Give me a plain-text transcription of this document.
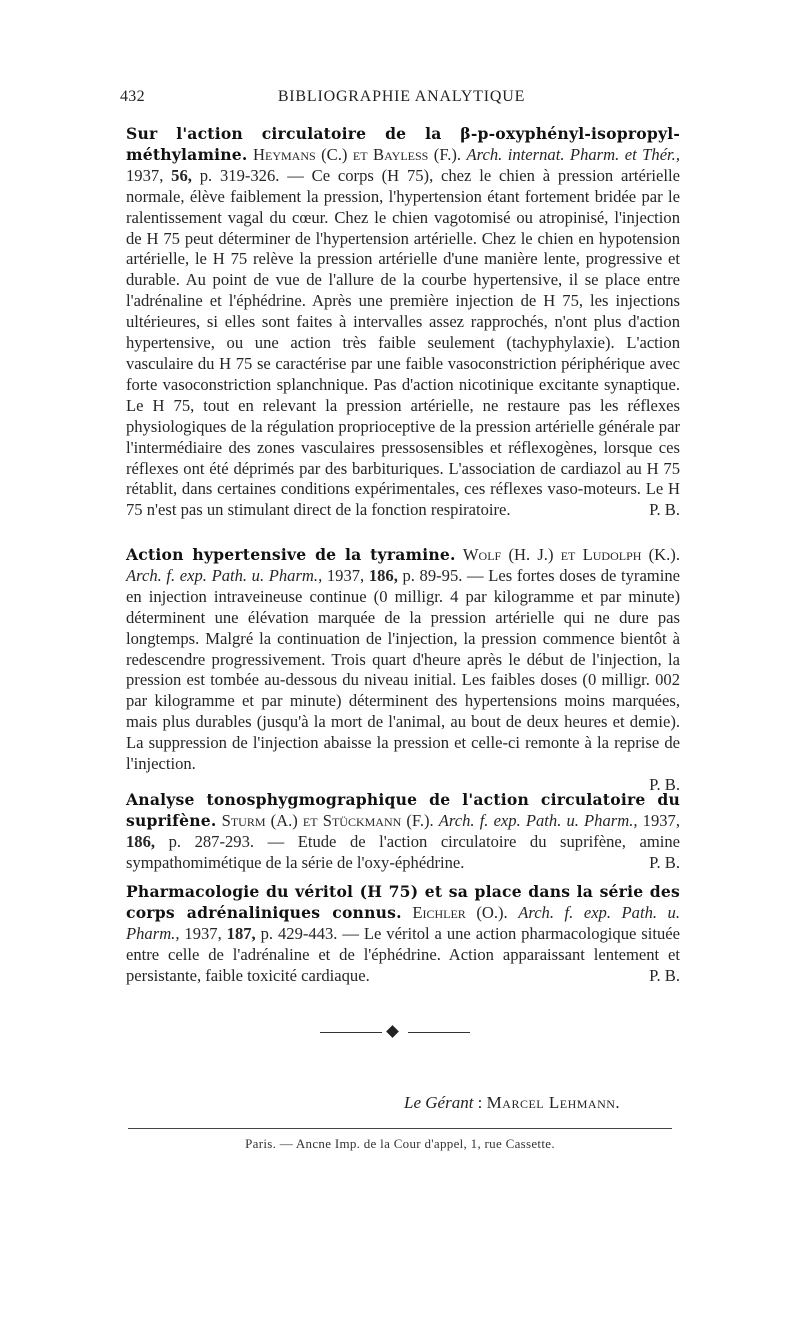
432	BIBLIOGRAPHIE ANALYTIQUE

Sur l'action circulatoire de la β-p-oxyphényl-isopropyl-méthylamine. Heymans (C.) et Bayless (F.). Arch. internat. Pharm. et Thér., 1937, 56, p. 319-326. — Ce corps (H 75), chez le chien à pression artérielle normale, élève faiblement la pression, l'hypertension étant fortement bridée par le ralentissement vagal du cœur. Chez le chien vagotomisé ou atropinisé, l'injection de H 75 peut déterminer de l'hypertension artérielle. Chez le chien en hypotension artérielle, le H 75 relève la pression artérielle d'une manière lente, progressive et durable. Au point de vue de l'allure de la courbe hypertensive, il se place entre l'adrénaline et l'éphédrine. Après une première injection de H 75, les injections ultérieures, si elles sont faites à intervalles assez rapprochés, n'ont plus d'action hypertensive, ou une action très faible seulement (tachyphylaxie). L'action vasculaire du H 75 se caractérise par une faible vasoconstriction périphérique avec forte vasoconstriction splanchnique. Pas d'action nicotinique excitante synaptique. Le H 75, tout en relevant la pression artérielle, ne restaure pas les réflexes physiologiques de la régulation proprioceptive de la pression artérielle générale par l'intermédiaire des zones vasculaires pressosensibles et réflexogènes, lorsque ces réflexes ont été déprimés par des barbituriques. L'association de cardiazol au H 75 rétablit, dans certaines conditions expérimentales, ces réflexes vaso-moteurs. Le H 75 n'est pas un stimulant direct de la fonction respiratoire.	P. B.

Action hypertensive de la tyramine. Wolf (H. J.) et Ludolph (K.). Arch. f. exp. Path. u. Pharm., 1937, 186, p. 89-95. — Les fortes doses de tyramine en injection intraveineuse continue (0 milligr. 4 par kilogramme et par minute) déterminent une élévation marquée de la pression artérielle qui ne dure pas longtemps. Malgré la continuation de l'injection, la pression commence bientôt à redescendre progressivement. Trois quart d'heure après le début de l'injection, la pression est tombée au-dessous du niveau initial. Les faibles doses (0 milligr. 002 par kilogramme et par minute) déterminent des hypertensions moins marquées, mais plus durables (jusqu'à la mort de l'animal, au bout de deux heures et demie). La suppression de l'injection abaisse la pression et celle-ci remonte à la reprise de l'injection.

P. B.

Analyse tonosphygmographique de l'action circulatoire du suprifène. Sturm (A.) et Stückmann (F.). Arch. f. exp. Path. u. Pharm., 1937, 186, p. 287-293. — Etude de l'action circulatoire du suprifène, amine sympathomimétique de la série de l'oxy-éphédrine.	P. B.

Pharmacologie du véritol (H 75) et sa place dans la série des corps adrénaliniques connus. Eichler (O.). Arch. f. exp. Path. u. Pharm., 1937, 187, p. 429-443. — Le véritol a une action pharmacologique située entre celle de l'adrénaline et de l'éphédrine. Action apparaissant lentement et persistante, faible toxicité cardiaque.	P. B.

Le Gérant : Marcel Lehmann.
Paris. — Ancne Imp. de la Cour d'appel, 1, rue Cassette.
